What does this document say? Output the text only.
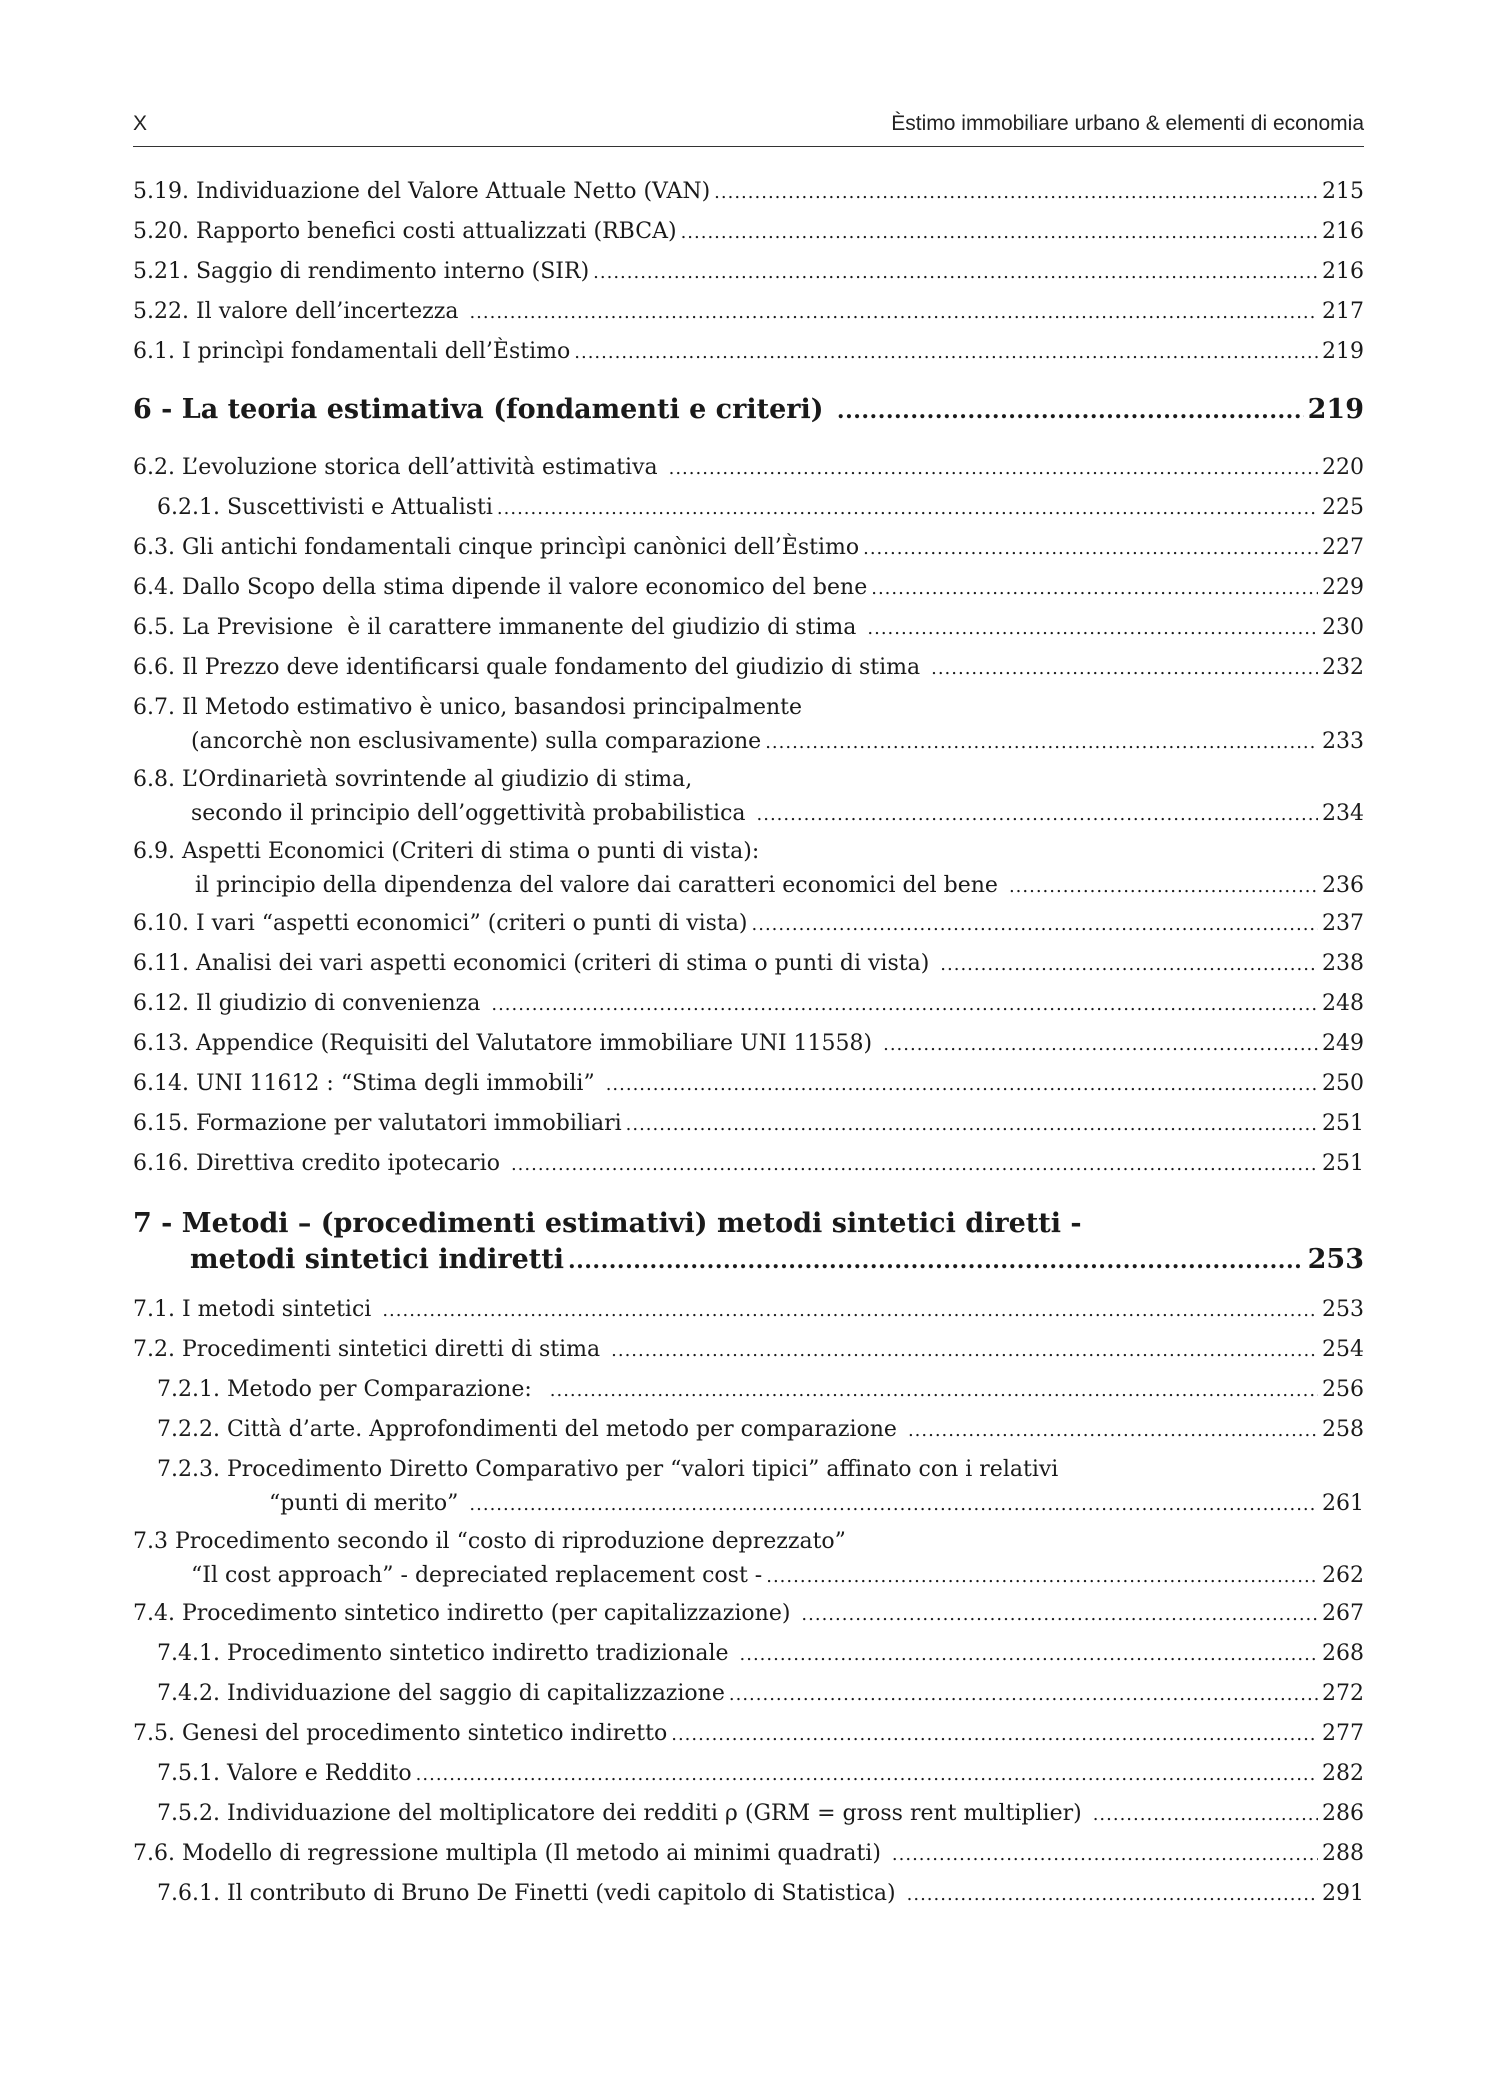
X	Èstimo immobiliare urbano & elementi di economia
5.19. Individuazione del Valore Attuale Netto (VAN) .....	215
5.20. Rapporto benefici costi attualizzati (RBCA) .....	216
5.21. Saggio di rendimento interno (SIR) .....	216
5.22. Il valore dell’incertezza .....	217
6.1. I princìpi fondamentali dell’Èstimo .....	219
6 - La teoria estimativa (fondamenti e criteri) .....	219
6.2. L’evoluzione storica dell’attività estimativa .....	220
6.2.1. Suscettivisti e Attualisti .....	225
6.3. Gli antichi fondamentali cinque princìpi canònici dell’Èstimo .....	227
6.4. Dallo Scopo della stima dipende il valore economico del bene .....	229
6.5. La Previsione  è il carattere immanente del giudizio di stima .....	230
6.6. Il Prezzo deve identificarsi quale fondamento del giudizio di stima .....	232
6.7. Il Metodo estimativo è unico, basandosi principalmente
(ancorchè non esclusivamente) sulla comparazione .....	233
6.8. L’Ordinarietà sovrintende al giudizio di stima,
secondo il principio dell’oggettività probabilistica .....	234
6.9. Aspetti Economici (Criteri di stima o punti di vista):
il principio della dipendenza del valore dai caratteri economici del bene .....	236
6.10. I vari “aspetti economici” (criteri o punti di vista) .....	237
6.11. Analisi dei vari aspetti economici (criteri di stima o punti di vista) .....	238
6.12. Il giudizio di convenienza .....	248
6.13. Appendice (Requisiti del Valutatore immobiliare UNI 11558) .....	249
6.14. UNI 11612 : “Stima degli immobili” .....	250
6.15. Formazione per valutatori immobiliari .....	251
6.16. Direttiva credito ipotecario .....	251
7 - Metodi – (procedimenti estimativi) metodi sintetici diretti -
metodi sintetici indiretti .....	253
7.1. I metodi sintetici .....	253
7.2. Procedimenti sintetici diretti di stima .....	254
7.2.1. Metodo per Comparazione: .....	256
7.2.2. Città d’arte. Approfondimenti del metodo per comparazione .....	258
7.2.3. Procedimento Diretto Comparativo per “valori tipici” affinato con i relativi
“punti di merito” .....	261
7.3 Procedimento secondo il “costo di riproduzione deprezzato”
“Il cost approach” - depreciated replacement cost - .....	262
7.4. Procedimento sintetico indiretto (per capitalizzazione) .....	267
7.4.1. Procedimento sintetico indiretto tradizionale .....	268
7.4.2. Individuazione del saggio di capitalizzazione .....	272
7.5. Genesi del procedimento sintetico indiretto .....	277
7.5.1. Valore e Reddito .....	282
7.5.2. Individuazione del moltiplicatore dei redditi ρ (GRM = gross rent multiplier) .....	286
7.6. Modello di regressione multipla (Il metodo ai minimi quadrati) .....	288
7.6.1. Il contributo di Bruno De Finetti (vedi capitolo di Statistica) .....	291
